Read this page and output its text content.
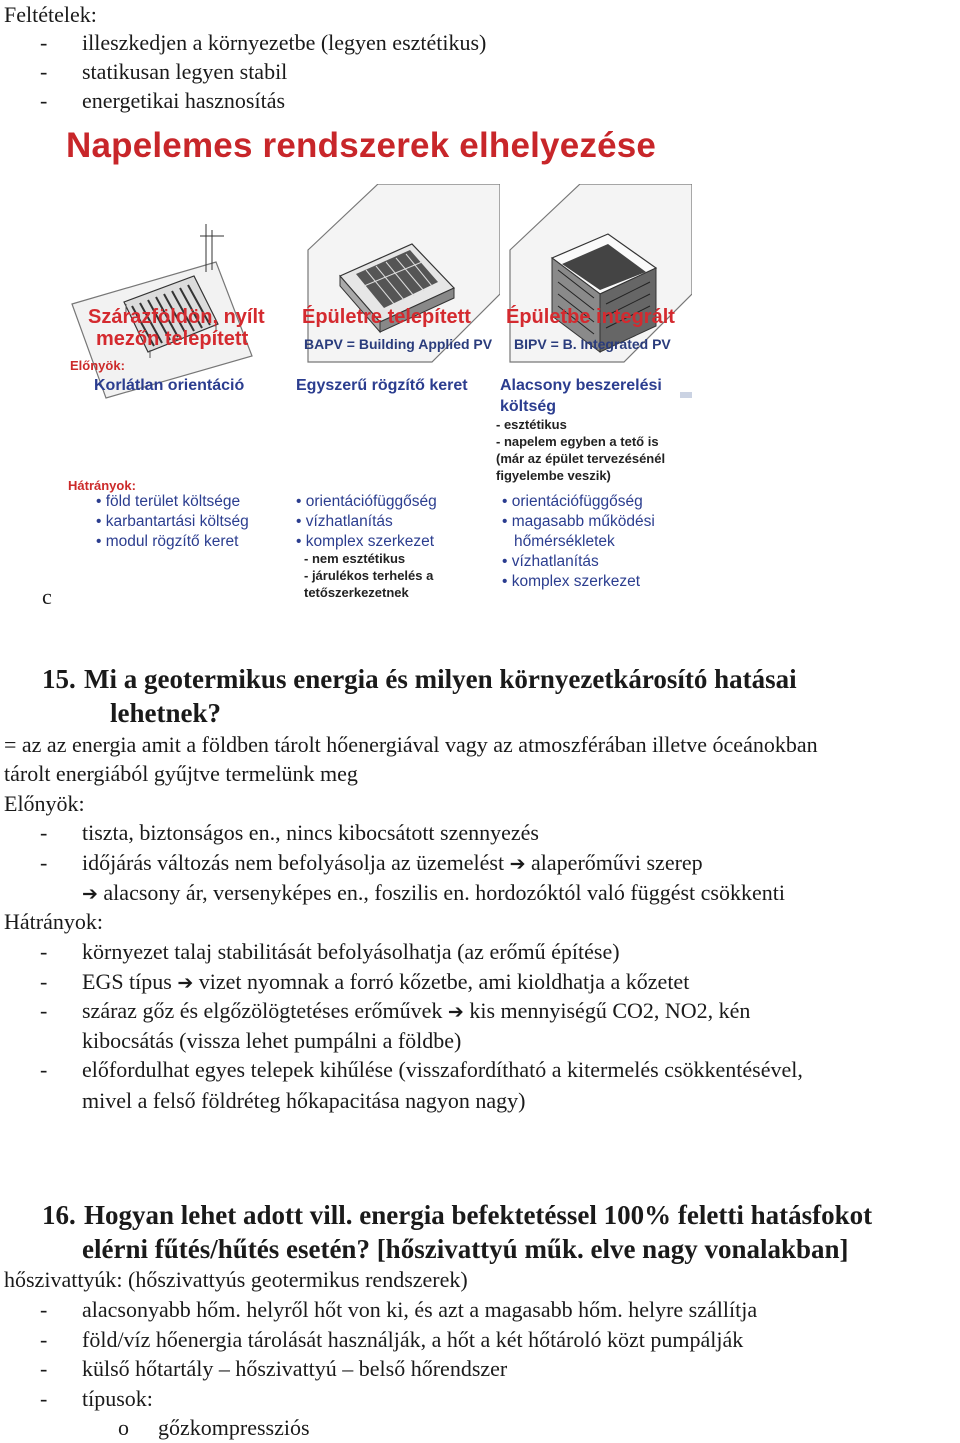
Feltételek:
- illeszkedjen a környezetbe (legyen esztétikus)
- statikusan legyen stabil
- energetikai hasznosítás
Napelemes rendszerek elhelyezése
Szárazföldön, nyílt
mezőn telepített
Épületre telepített Épületbe integrált
BAPV = Building Applied PV BIPV = B. Integrated PV
Előnyök:
Korlátlan orientáció	Egyszerű rögzítő keret Alacsony beszerelési
költség
- esztétikus
- napelem egyben a tető is
(már az épület tervezésénél
figyelembe veszik)
Hátrányok:
• föld terület költsége
• karbantartási költség
• modul rögzítő keret
• orientációfüggőség
• vízhatlanítás
• komplex szerkezet
- nem esztétikus
- járulékos terhelés a
tetőszerkezetnek
• orientációfüggőség
• magasabb működési
hőmérsékletek
• vízhatlanítás
• komplex szerkezet
c
15. Mi a geotermikus energia és milyen környezetkárosító hatásai
lehetnek?
= az az energia amit a földben tárolt hőenergiával vagy az atmoszférában illetve óceánokban
tárolt energiából gyűjtve termelünk meg
Előnyök:
- tiszta, biztonságos en., nincs kibocsátott szennyezés
- időjárás változás nem befolyásolja az üzemelést ➔ alaperőművi szerep
➔ alacsony ár, versenyképes en., foszilis en. hordozóktól való függést csökkenti
Hátrányok:
- környezet talaj stabilitását befolyásolhatja (az erőmű építése)
- EGS típus ➔ vizet nyomnak a forró kőzetbe, ami kioldhatja a kőzetet
- száraz gőz és elgőzölögtetéses erőművek ➔ kis mennyiségű CO2, NO2, kén
kibocsátás (vissza lehet pumpálni a földbe)
- előfordulhat egyes telepek kihűlése (visszafordítható a kitermelés csökkentésével,
mivel a felső földréteg hőkapacitása nagyon nagy)
16. Hogyan lehet adott vill. energia befektetéssel 100% feletti hatásfokot
elérni fűtés/hűtés esetén? [hőszivattyú műk. elve nagy vonalakban]
hőszivattyúk: (hőszivattyús geotermikus rendszerek)
- alacsonyabb hőm. helyről hőt von ki, és azt a magasabb hőm. helyre szállítja
- föld/víz hőenergia tárolását használják, a hőt a két hőtároló közt pumpálják
- külső hőtartály – hőszivattyú – belső hőrendszer
- típusok:
o gőzkompressziós
